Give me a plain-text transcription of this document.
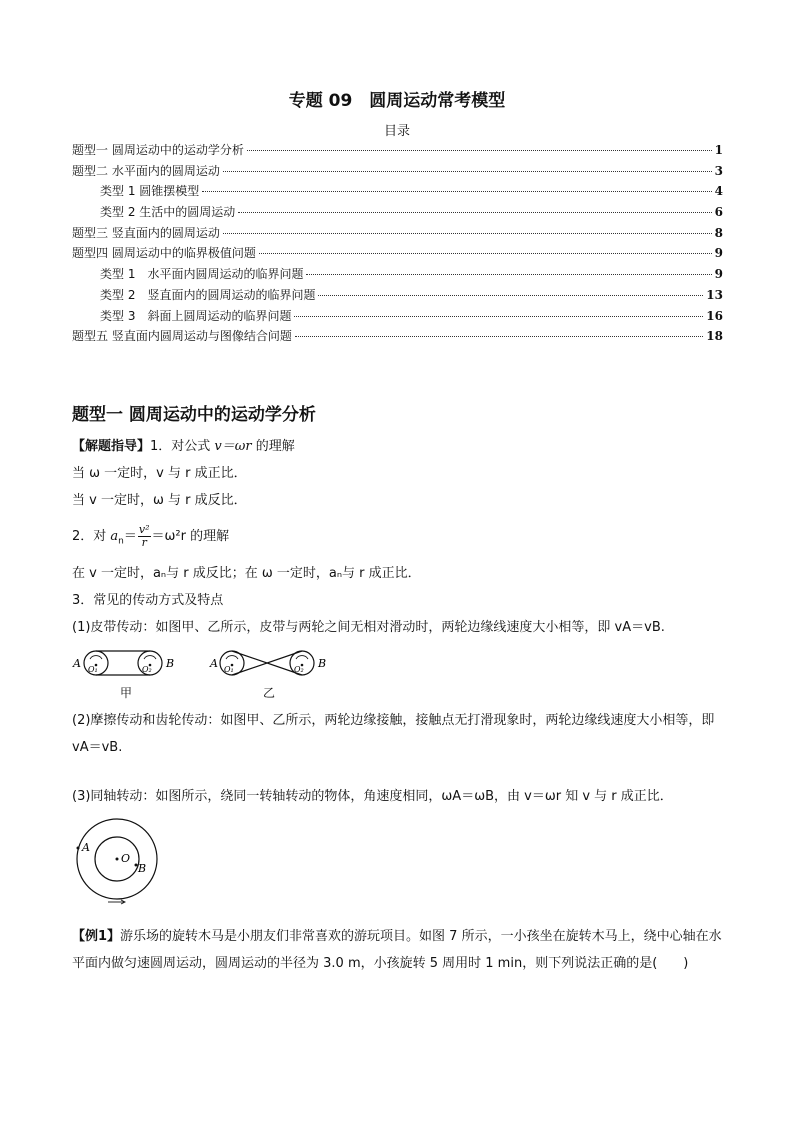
专题 09　圆周运动常考模型
目录
题型一 圆周运动中的运动学分析	1
题型二 水平面内的圆周运动	3
类型 1 圆锥摆模型	4
类型 2 生活中的圆周运动	6
题型三 竖直面内的圆周运动	8
题型四 圆周运动中的临界极值问题	9
类型 1　水平面内圆周运动的临界问题	9
类型 2　竖直面内的圆周运动的临界问题	13
类型 3　斜面上圆周运动的临界问题	16
题型五 竖直面内圆周运动与图像结合问题	18
题型一 圆周运动中的运动学分析
【解题指导】1．对公式 v＝ωr 的理解
当 ω 一定时，v 与 r 成正比．
当 v 一定时，ω 与 r 成反比．
2．对 $a_n= \frac{\text{v²}}{r} =\omega^2r$ 的理解
在 v 一定时，aₙ与 r 成反比；在 ω 一定时，aₙ与 r 成正比．
3．常见的传动方式及特点
(1)皮带传动：如图甲、乙所示，皮带与两轮之间无相对滑动时，两轮边缘线速度大小相等，即 vA＝vB.
A	B
O₁	O₂	A	B
O₁	O₂
甲	乙
(2)摩擦传动和齿轮传动：如图甲、乙所示，两轮边缘接触，接触点无打滑现象时，两轮边缘线速度大小相等，即 vA＝vB.
(3)同轴转动：如图所示，绕同一转轴转动的物体，角速度相同，ωA＝ωB，由 v＝ωr 知 v 与 r 成正比．
A
O
B
【例1】游乐场的旋转木马是小朋友们非常喜欢的游玩项目。如图 7 所示，一小孩坐在旋转木马上，绕中心轴在水平面内做匀速圆周运动，圆周运动的半径为 3.0 m，小孩旋转 5 周用时 1 min，则下列说法正确的是(　　)
